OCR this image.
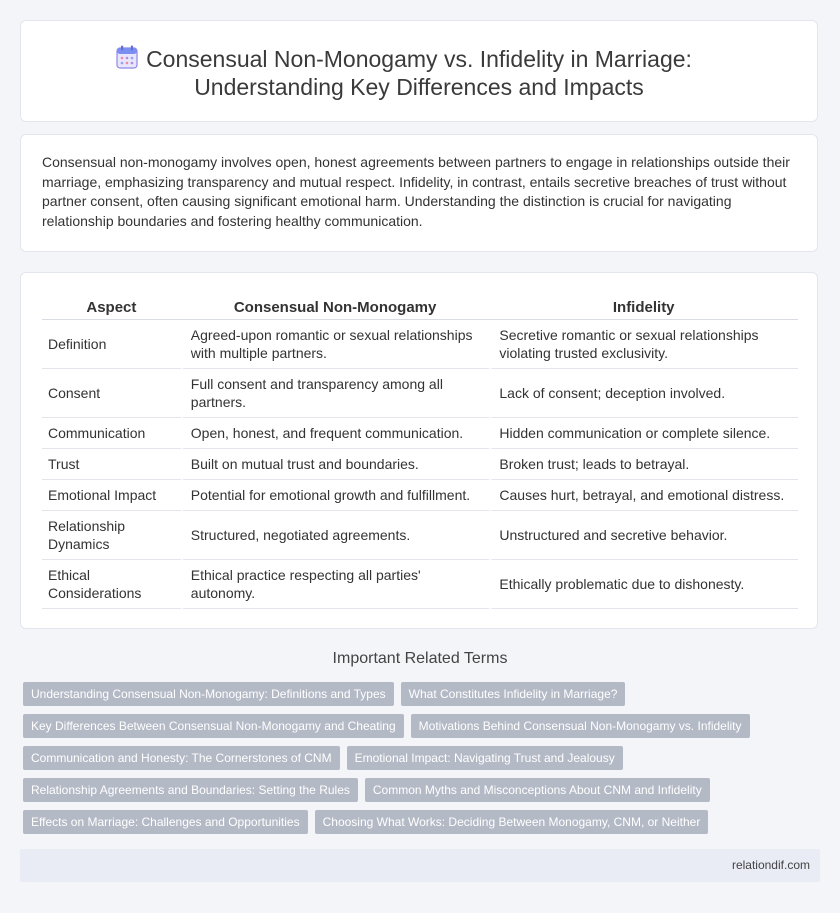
Consensual Non-Monogamy vs. Infidelity in Marriage:
Understanding Key Differences and Impacts

Consensual non-monogamy involves open, honest agreements between partners to engage in relationships outside their marriage, emphasizing transparency and mutual respect. Infidelity, in contrast, entails secretive breaches of trust without partner consent, often causing significant emotional harm. Understanding the distinction is crucial for navigating relationship boundaries and fostering healthy communication.

Aspect	Consensual Non-Monogamy	Infidelity
Definition	Agreed-upon romantic or sexual relationships with multiple partners.	Secretive romantic or sexual relationships violating trusted exclusivity.
Consent	Full consent and transparency among all partners.	Lack of consent; deception involved.
Communication	Open, honest, and frequent communication.	Hidden communication or complete silence.
Trust	Built on mutual trust and boundaries.	Broken trust; leads to betrayal.
Emotional Impact	Potential for emotional growth and fulfillment.	Causes hurt, betrayal, and emotional distress.
Relationship Dynamics	Structured, negotiated agreements.	Unstructured and secretive behavior.
Ethical Considerations	Ethical practice respecting all parties' autonomy.	Ethically problematic due to dishonesty.
Important Related Terms
Understanding Consensual Non-Monogamy: Definitions and Types	What Constitutes Infidelity in Marriage?
Key Differences Between Consensual Non-Monogamy and Cheating	Motivations Behind Consensual Non-Monogamy vs. Infidelity
Communication and Honesty: The Cornerstones of CNM	Emotional Impact: Navigating Trust and Jealousy
Relationship Agreements and Boundaries: Setting the Rules	Common Myths and Misconceptions About CNM and Infidelity
Effects on Marriage: Challenges and Opportunities	Choosing What Works: Deciding Between Monogamy, CNM, or Neither
relationdif.com
